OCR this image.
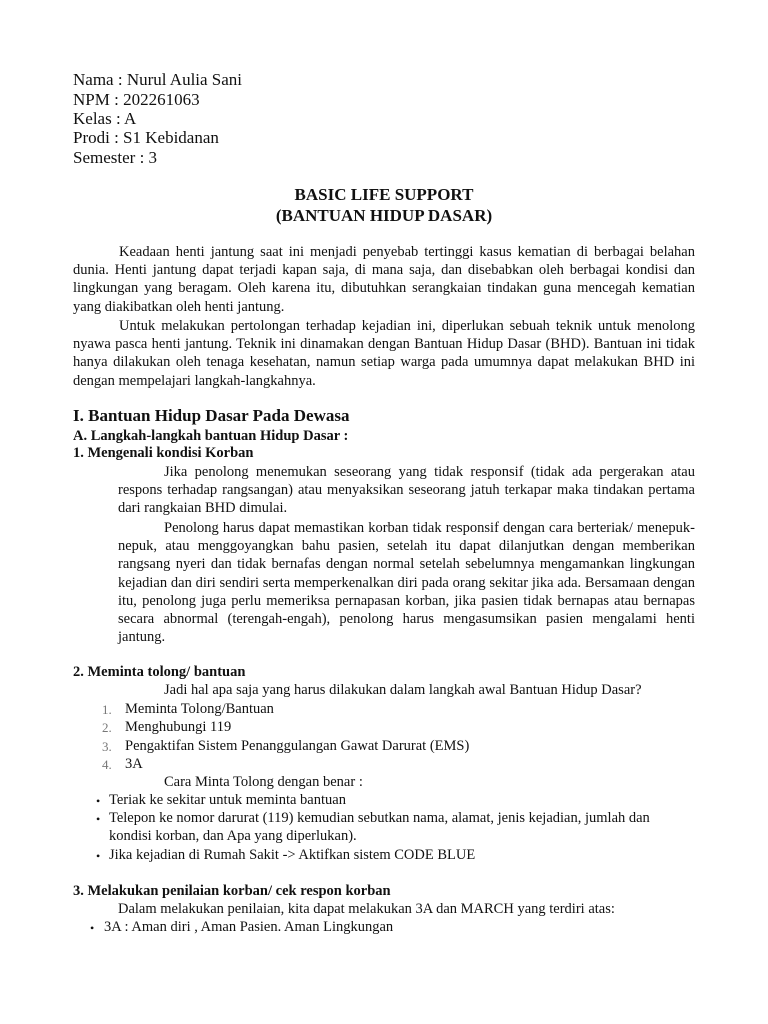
Nama : Nurul Aulia Sani
NPM : 202261063
Kelas : A
Prodi : S1 Kebidanan
Semester : 3
BASIC LIFE SUPPORT
(BANTUAN HIDUP DASAR)
Keadaan henti jantung saat ini menjadi penyebab tertinggi kasus kematian di berbagai belahan dunia. Henti jantung dapat terjadi kapan saja, di mana saja, dan disebabkan oleh berbagai kondisi dan lingkungan yang beragam. Oleh karena itu, dibutuhkan serangkaian tindakan guna mencegah kematian yang diakibatkan oleh henti jantung.
Untuk melakukan pertolongan terhadap kejadian ini, diperlukan sebuah teknik untuk menolong nyawa pasca henti jantung. Teknik ini dinamakan dengan Bantuan Hidup Dasar (BHD). Bantuan ini tidak hanya dilakukan oleh tenaga kesehatan, namun setiap warga pada umumnya dapat melakukan BHD ini dengan mempelajari langkah-langkahnya.
I. Bantuan Hidup Dasar Pada Dewasa
A. Langkah-langkah bantuan Hidup Dasar :
1. Mengenali kondisi Korban
Jika penolong menemukan seseorang yang tidak responsif (tidak ada pergerakan atau respons terhadap rangsangan) atau menyaksikan seseorang jatuh terkapar maka tindakan pertama dari rangkaian BHD dimulai.
Penolong harus dapat memastikan korban tidak responsif dengan cara berteriak/ menepuk-nepuk, atau menggoyangkan bahu pasien, setelah itu dapat dilanjutkan dengan memberikan rangsang nyeri dan tidak bernafas dengan normal setelah sebelumnya mengamankan lingkungan kejadian dan diri sendiri serta memperkenalkan diri pada orang sekitar jika ada. Bersamaan dengan itu, penolong juga perlu memeriksa pernapasan korban, jika pasien tidak bernapas atau bernapas secara abnormal (terengah-engah), penolong harus mengasumsikan pasien mengalami henti jantung.
2. Meminta tolong/ bantuan
Jadi hal apa saja yang harus dilakukan dalam langkah awal Bantuan Hidup Dasar?
1. Meminta Tolong/Bantuan
2. Menghubungi 119
3. Pengaktifan Sistem Penanggulangan Gawat Darurat (EMS)
4. 3A
Cara Minta Tolong dengan benar :
• Teriak ke sekitar untuk meminta bantuan
• Telepon ke nomor darurat (119) kemudian sebutkan nama, alamat, jenis kejadian, jumlah dan
kondisi korban, dan Apa yang diperlukan).
• Jika kejadian di Rumah Sakit -> Aktifkan sistem CODE BLUE
3. Melakukan penilaian korban/ cek respon korban
Dalam melakukan penilaian, kita dapat melakukan 3A dan MARCH yang terdiri atas:
• 3A : Aman diri , Aman Pasien. Aman Lingkungan
